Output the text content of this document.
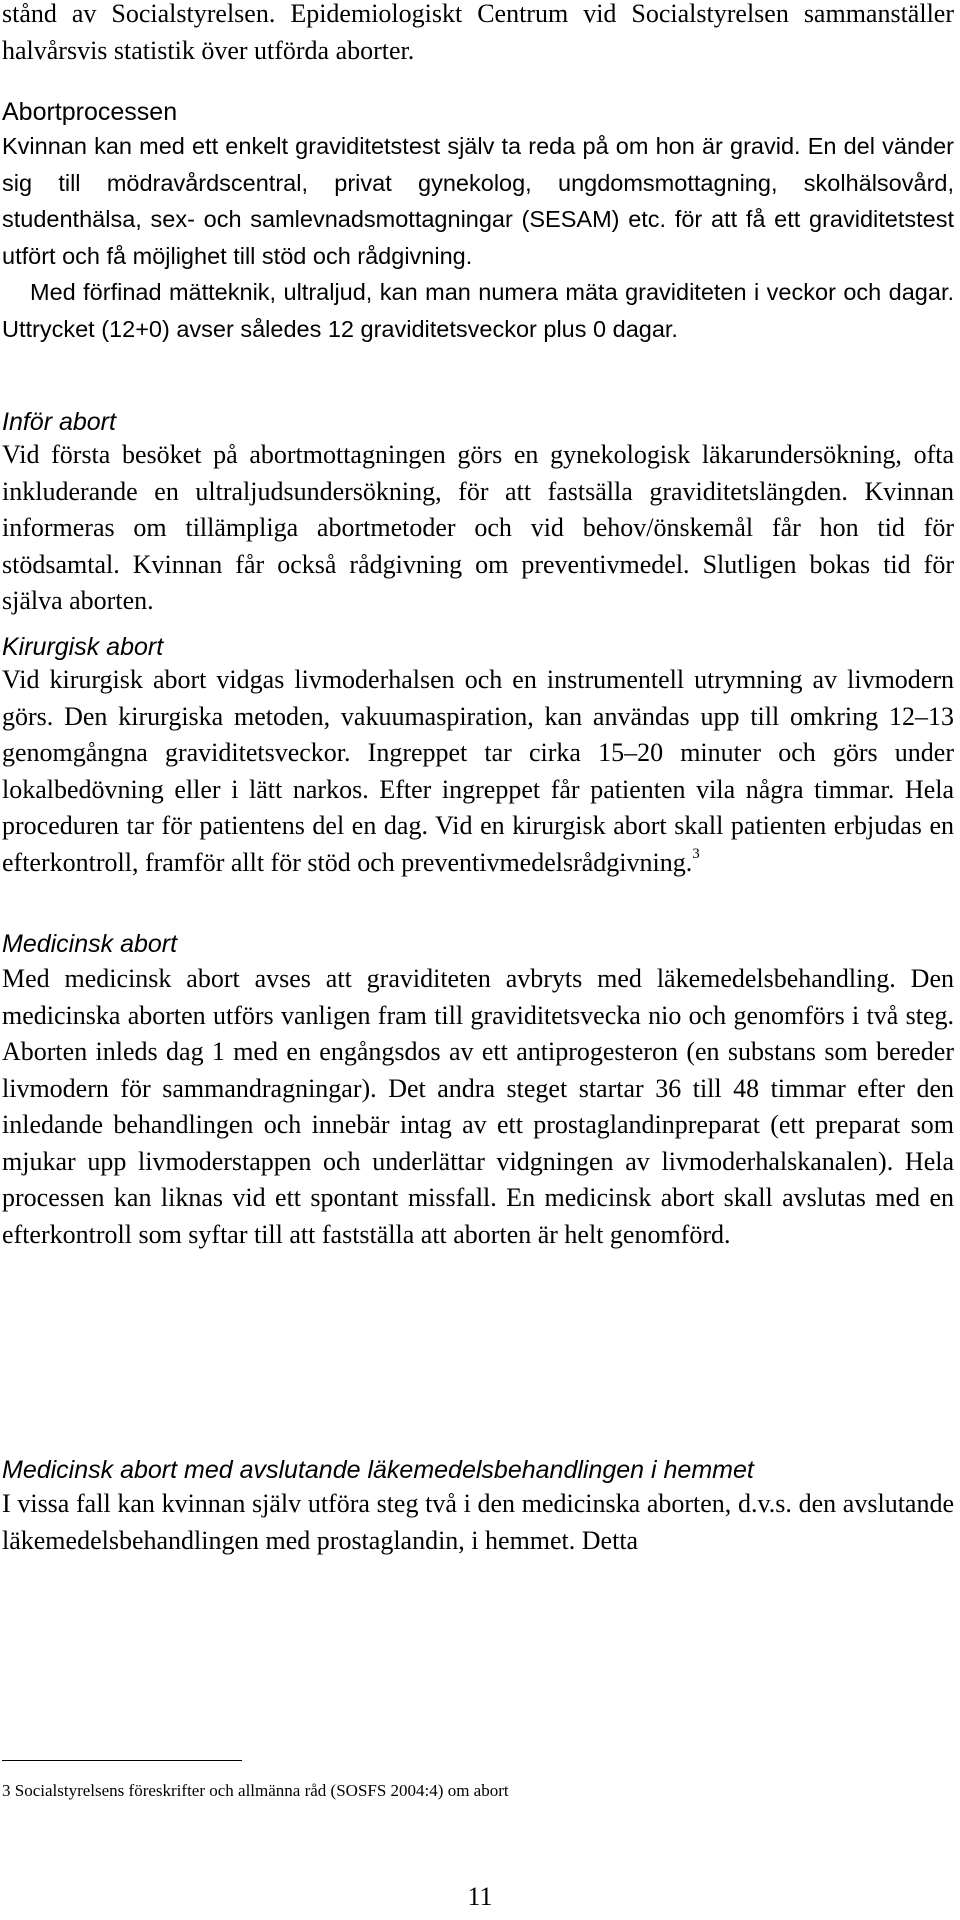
stånd av Socialstyrelsen. Epidemiologiskt Centrum vid Socialstyrelsen sammanställer halvårsvis statistik över utförda aborter.

Abortprocessen

Kvinnan kan med ett enkelt graviditetstest själv ta reda på om hon är gravid. En del vänder sig till mödravårdscentral, privat gynekolog, ungdomsmottagning, skolhälsovård, studenthälsa, sex- och samlevnadsmottagningar (SESAM) etc. för att få ett graviditetstest utfört och få möjlighet till stöd och rådgivning.

Med förfinad mätteknik, ultraljud, kan man numera mäta graviditeten i veckor och dagar. Uttrycket (12+0) avser således 12 graviditetsveckor plus 0 dagar.

Inför abort

Vid första besöket på abortmottagningen görs en gynekologisk läkarundersökning, ofta inkluderande en ultraljudsundersökning, för att fastsälla graviditetslängden. Kvinnan informeras om tillämpliga abortmetoder och vid behov/önskemål får hon tid för stödsamtal. Kvinnan får också rådgivning om preventivmedel. Slutligen bokas tid för själva aborten.

Kirurgisk abort

Vid kirurgisk abort vidgas livmoderhalsen och en instrumentell utrymning av livmodern görs. Den kirurgiska metoden, vakuumaspiration, kan användas upp till omkring 12–13 genomgångna graviditetsveckor. Ingreppet tar cirka 15–20 minuter och görs under lokalbedövning eller i lätt narkos. Efter ingreppet får patienten vila några timmar. Hela proceduren tar för patientens del en dag. Vid en kirurgisk abort skall patienten erbjudas en efterkontroll, framför allt för stöd och preventivmedelsrådgivning.$^3$

Medicinsk abort

Med medicinsk abort avses att graviditeten avbryts med läkemedelsbehandling. Den medicinska aborten utförs vanligen fram till graviditetsvecka nio och genomförs i två steg. Aborten inleds dag 1 med en engångsdos av ett antiprogesteron (en substans som bereder livmodern för sammandragningar). Det andra steget startar 36 till 48 timmar efter den inledande behandlingen och innebär intag av ett prostaglandinpreparat (ett preparat som mjukar upp livmoderstappen och underlättar vidgningen av livmoderhalskanalen). Hela processen kan liknas vid ett spontant missfall. En medicinsk abort skall avslutas med en efterkontroll som syftar till att fastställa att aborten är helt genomförd.

Medicinsk abort med avslutande läkemedelsbehandlingen i hemmet

I vissa fall kan kvinnan själv utföra steg två i den medicinska aborten, d.v.s. den avslutande läkemedelsbehandlingen med prostaglandin, i hemmet. Detta

3 Socialstyrelsens föreskrifter och allmänna råd (SOSFS 2004:4) om abort

11
